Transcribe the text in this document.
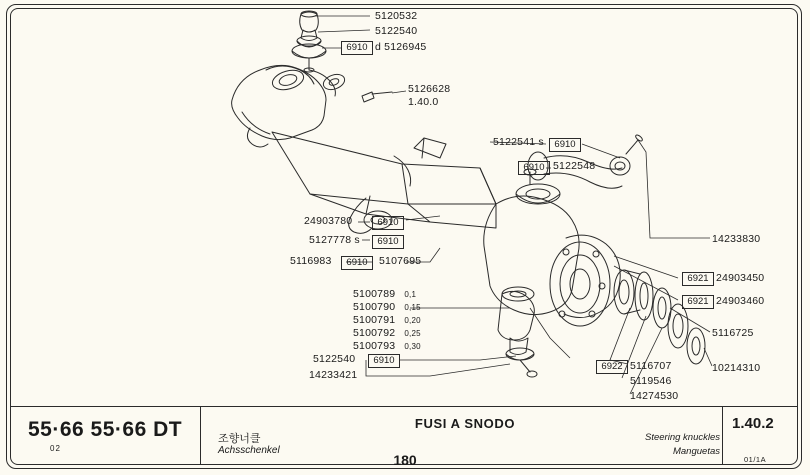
5120532
5122540
d 5126945
5126628
1.40.0
5122541 s
5122548
14233830
24903780
5127778 s
5116983	5107695
24903450
24903460
5116725
10214310
5116707
5119546
14274530
5122540
14233421
5100789 0,1
5100790 0,15
5100791 0,20
5100792 0,25
5100793 0,30
6910
6910
6910
6910
6910
6910
6910
6921
6921
6922
55·66 55·66 DT
02
조향너클
Achsschenkel
FUSI A SNODO
Steering knuckles
Manguetas
1.40.2
01/1A
180
